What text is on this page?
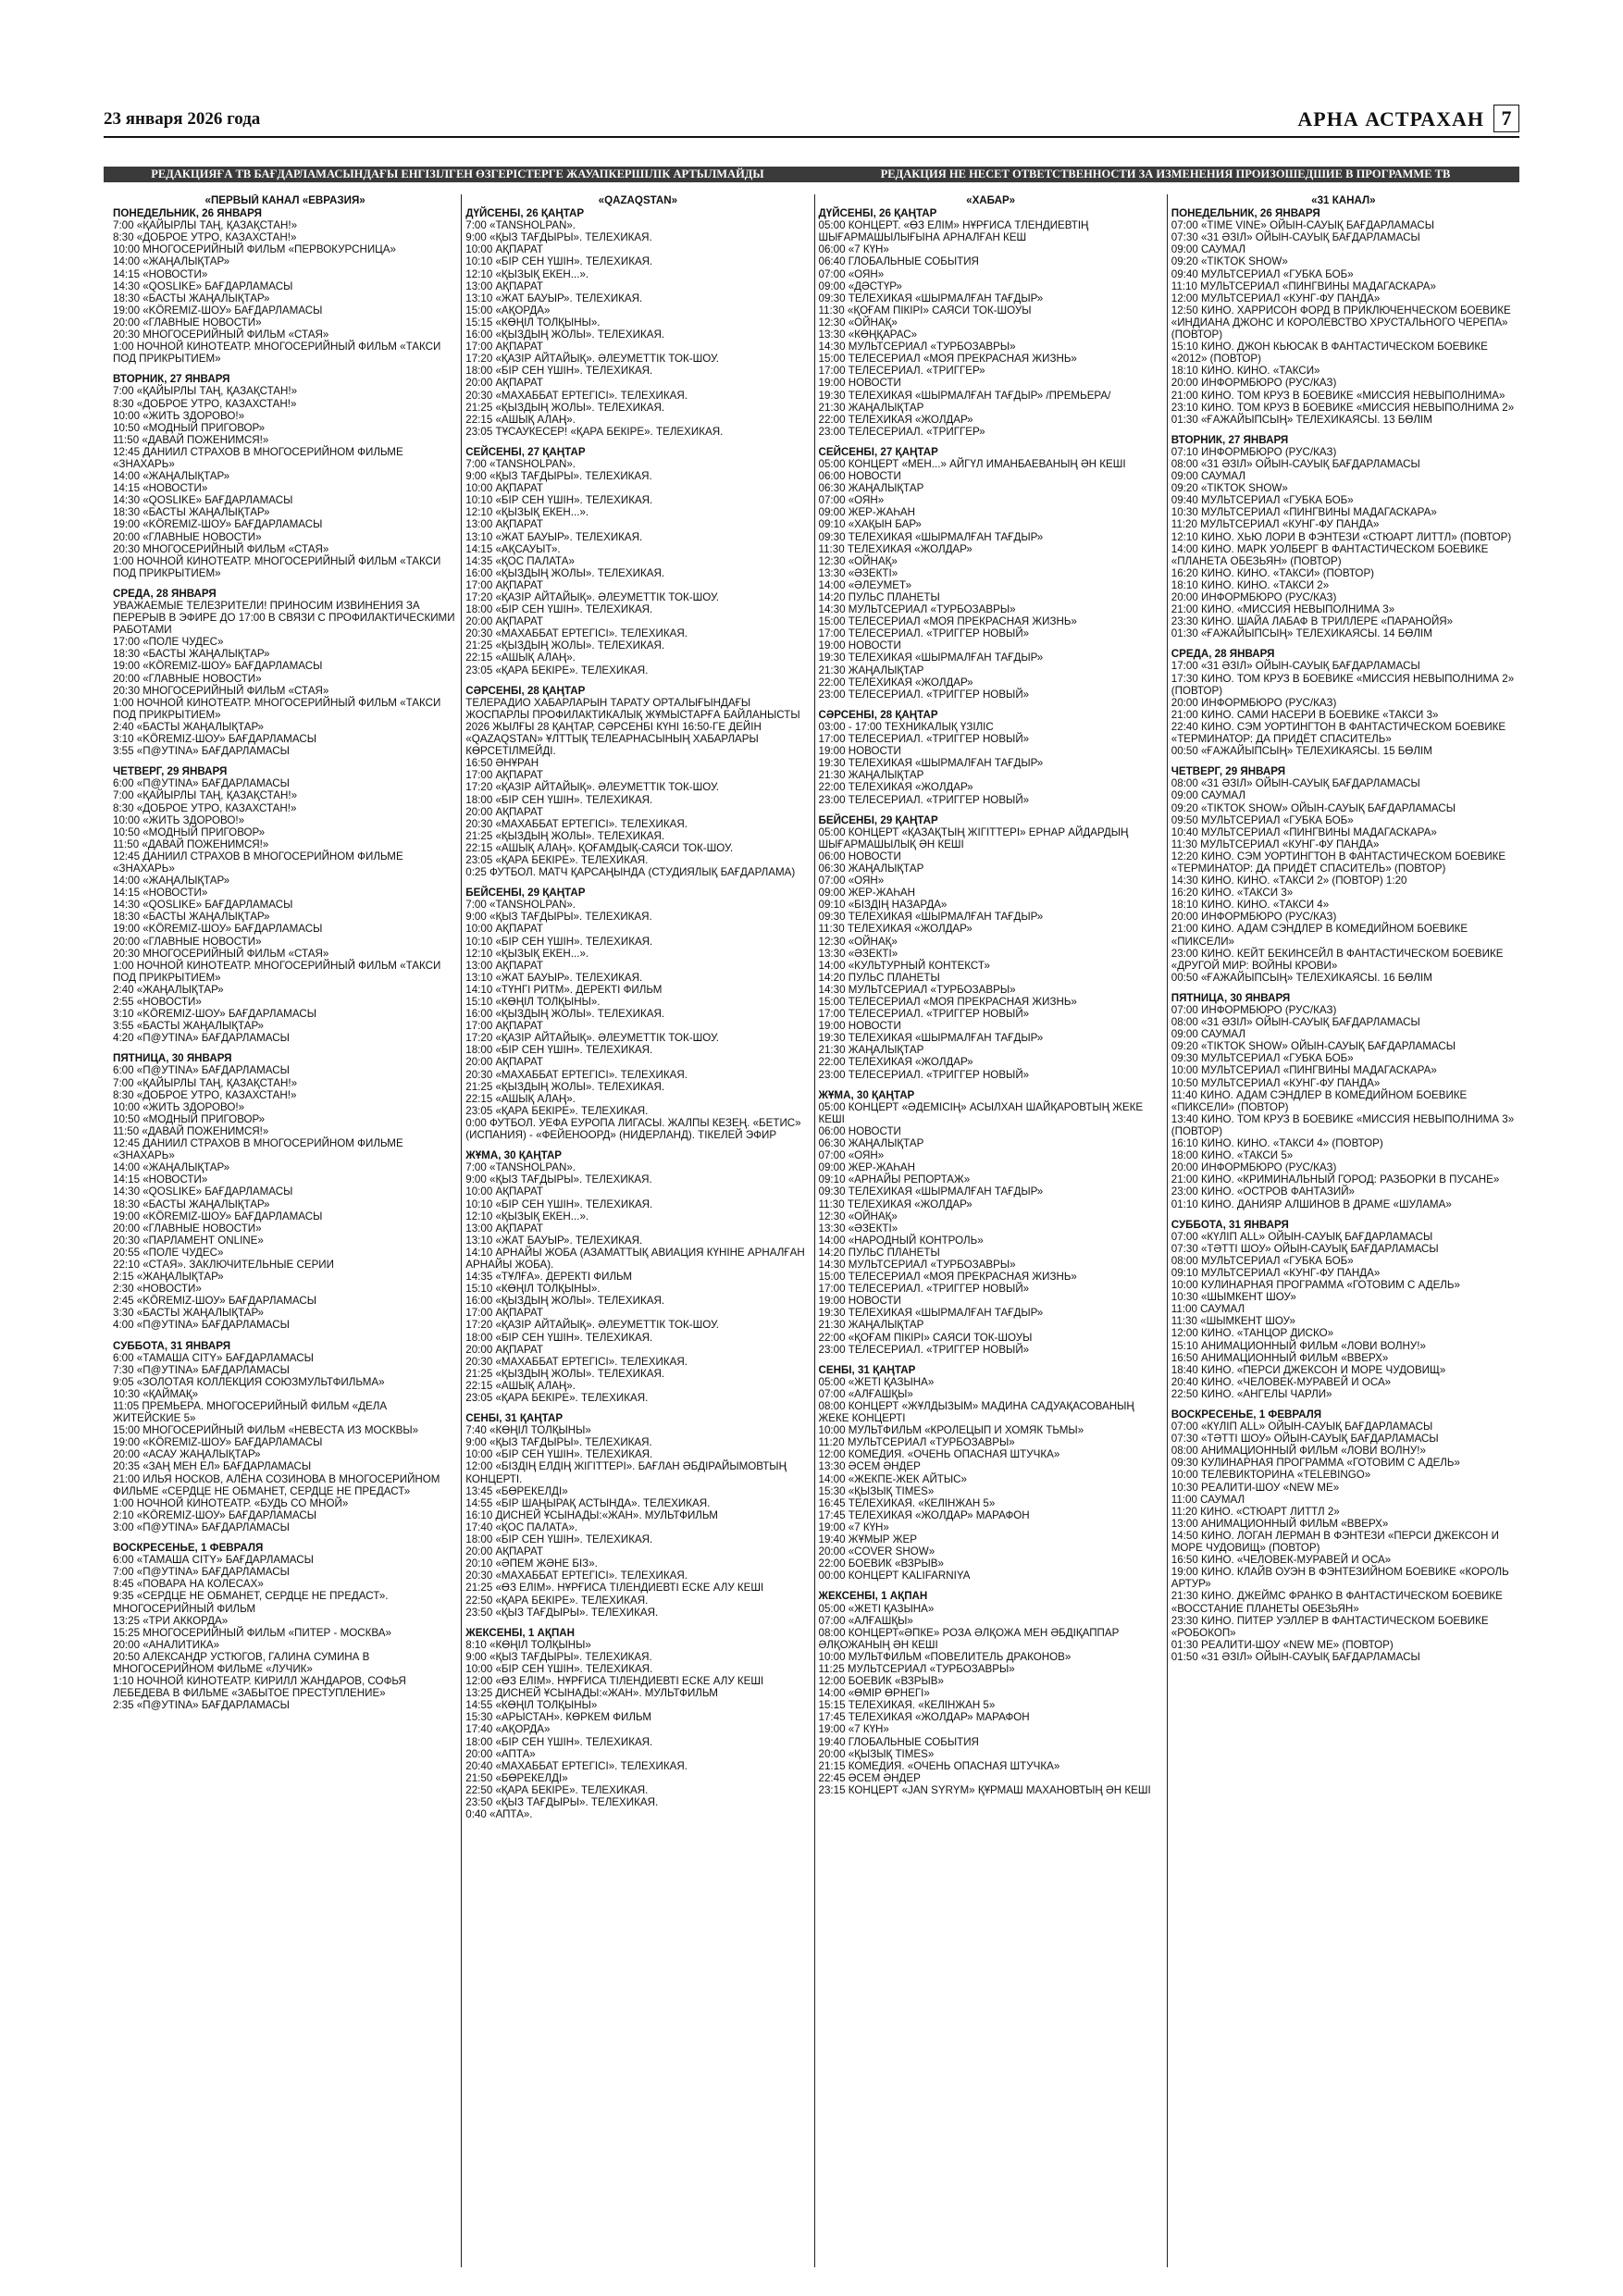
23 января 2026 года	АРНА АСТРАХАН 7
РЕДАКЦИЯҒА ТВ БАҒДАРЛАМАСЫНДАҒЫ ЕНГІЗІЛГЕН ӨЗГЕРІСТЕРГЕ ЖАУАПКЕРШІЛІК АРТЫЛМАЙДЫ	РЕДАКЦИЯ НЕ НЕСЕТ ОТВЕТСТВЕННОСТИ ЗА ИЗМЕНЕНИЯ ПРОИЗОШЕДШИЕ В ПРОГРАММЕ ТВ
«ПЕРВЫЙ КАНАЛ «ЕВРАЗИЯ»
ПОНЕДЕЛЬНИК, 26 ЯНВАРЯ
7:00 «ҚАЙЫРЛЫ ТАҢ, ҚАЗАҚСТАН!»
8:30 «ДОБРОЕ УТРО, КАЗАХСТАН!»
10:00 МНОГОСЕРИЙНЫЙ ФИЛЬМ «ПЕРВОКУРСНИЦА»
14:00 «ЖАҢАЛЫҚТАР»
14:15 «НОВОСТИ»
14:30 «QOSLIKE» БАҒДАРЛАМАСЫ
18:30 «БАСТЫ ЖАҢАЛЫҚТАР»
19:00 «KÖREMIZ-ШОУ» БАҒДАРЛАМАСЫ
20:00 «ГЛАВНЫЕ НОВОСТИ»
20:30 МНОГОСЕРИЙНЫЙ ФИЛЬМ «СТАЯ»
1:00 НОЧНОЙ КИНОТЕАТР. МНОГОСЕРИЙНЫЙ ФИЛЬМ «ТАКСИ ПОД ПРИКРЫТИЕМ»
ВТОРНИК, 27 ЯНВАРЯ
7:00 «ҚАЙЫРЛЫ ТАҢ, ҚАЗАҚСТАН!»
8:30 «ДОБРОЕ УТРО, КАЗАХСТАН!»
10:00 «ЖИТЬ ЗДОРОВО!»
10:50 «МОДНЫЙ ПРИГОВОР»
11:50 «ДАВАЙ ПОЖЕНИМСЯ!»
12:45 ДАНИИЛ СТРАХОВ В МНОГОСЕРИЙНОМ ФИЛЬМЕ «ЗНАХАРЬ»
14:00 «ЖАҢАЛЫҚТАР»
14:15 «НОВОСТИ»
14:30 «QOSLIKE» БАҒДАРЛАМАСЫ
18:30 «БАСТЫ ЖАҢАЛЫҚТАР»
19:00 «KÖREMIZ-ШОУ» БАҒДАРЛАМАСЫ
20:00 «ГЛАВНЫЕ НОВОСТИ»
20:30 МНОГОСЕРИЙНЫЙ ФИЛЬМ «СТАЯ»
1:00 НОЧНОЙ КИНОТЕАТР. МНОГОСЕРИЙНЫЙ ФИЛЬМ «ТАКСИ ПОД ПРИКРЫТИЕМ»
СРЕДА, 28 ЯНВАРЯ
УВАЖАЕМЫЕ ТЕЛЕЗРИТЕЛИ! ПРИНОСИМ ИЗВИНЕНИЯ ЗА ПЕРЕРЫВ В ЭФИРЕ ДО 17:00 В СВЯЗИ С ПРОФИЛАКТИЧЕСКИМИ РАБОТАМИ
17:00 «ПОЛЕ ЧУДЕС»
18:30 «БАСТЫ ЖАҢАЛЫҚТАР»
19:00 «KÖREMIZ-ШОУ» БАҒДАРЛАМАСЫ
20:00 «ГЛАВНЫЕ НОВОСТИ»
20:30 МНОГОСЕРИЙНЫЙ ФИЛЬМ «СТАЯ»
1:00 НОЧНОЙ КИНОТЕАТР. МНОГОСЕРИЙНЫЙ ФИЛЬМ «ТАКСИ ПОД ПРИКРЫТИЕМ»
2:40 «БАСТЫ ЖАҢАЛЫҚТАР»
3:10 «KÖREMIZ-ШОУ» БАҒДАРЛАМАСЫ
3:55 «П@УТINA» БАҒДАРЛАМАСЫ
ЧЕТВЕРГ, 29 ЯНВАРЯ
6:00 «П@УТINA» БАҒДАРЛАМАСЫ
7:00 «ҚАЙЫРЛЫ ТАҢ, ҚАЗАҚСТАН!»
8:30 «ДОБРОЕ УТРО, КАЗАХСТАН!»
10:00 «ЖИТЬ ЗДОРОВО!»
10:50 «МОДНЫЙ ПРИГОВОР»
11:50 «ДАВАЙ ПОЖЕНИМСЯ!»
12:45 ДАНИИЛ СТРАХОВ В МНОГОСЕРИЙНОМ ФИЛЬМЕ «ЗНАХАРЬ»
14:00 «ЖАҢАЛЫҚТАР»
14:15 «НОВОСТИ»
14:30 «QOSLIKE» БАҒДАРЛАМАСЫ
18:30 «БАСТЫ ЖАҢАЛЫҚТАР»
19:00 «KÖREMIZ-ШОУ» БАҒДАРЛАМАСЫ
20:00 «ГЛАВНЫЕ НОВОСТИ»
20:30 МНОГОСЕРИЙНЫЙ ФИЛЬМ «СТАЯ»
1:00 НОЧНОЙ КИНОТЕАТР. МНОГОСЕРИЙНЫЙ ФИЛЬМ «ТАКСИ ПОД ПРИКРЫТИЕМ»
2:40 «ЖАҢАЛЫҚТАР»
2:55 «НОВОСТИ»
3:10 «KÖREMIZ-ШОУ» БАҒДАРЛАМАСЫ
3:55 «БАСТЫ ЖАҢАЛЫҚТАР»
4:20 «П@УТINA» БАҒДАРЛАМАСЫ
ПЯТНИЦА, 30 ЯНВАРЯ
6:00 «П@УТINA» БАҒДАРЛАМАСЫ
7:00 «ҚАЙЫРЛЫ ТАҢ, ҚАЗАҚСТАН!»
8:30 «ДОБРОЕ УТРО, КАЗАХСТАН!»
10:00 «ЖИТЬ ЗДОРОВО!»
10:50 «МОДНЫЙ ПРИГОВОР»
11:50 «ДАВАЙ ПОЖЕНИМСЯ!»
12:45 ДАНИИЛ СТРАХОВ В МНОГОСЕРИЙНОМ ФИЛЬМЕ «ЗНАХАРЬ»
14:00 «ЖАҢАЛЫҚТАР»
14:15 «НОВОСТИ»
14:30 «QOSLIKE» БАҒДАРЛАМАСЫ
18:30 «БАСТЫ ЖАҢАЛЫҚТАР»
19:00 «KÖREMIZ-ШОУ» БАҒДАРЛАМАСЫ
20:00 «ГЛАВНЫЕ НОВОСТИ»
20:30 «ПАРЛАМЕНТ ONLINE»
20:55 «ПОЛЕ ЧУДЕС»
22:10 «СТАЯ». ЗАКЛЮЧИТЕЛЬНЫЕ СЕРИИ
2:15 «ЖАҢАЛЫҚТАР»
2:30 «НОВОСТИ»
2:45 «KÖREMIZ-ШОУ» БАҒДАРЛАМАСЫ
3:30 «БАСТЫ ЖАҢАЛЫҚТАР»
4:00 «П@УТINA» БАҒДАРЛАМАСЫ
СУББОТА, 31 ЯНВАРЯ
6:00 «ТАМАША CITY» БАҒДАРЛАМАСЫ
7:30 «П@УТINA» БАҒДАРЛАМАСЫ
9:05 «ЗОЛОТАЯ КОЛЛЕКЦИЯ СОЮЗМУЛЬТФИЛЬМА»
10:30 «ҚАЙМАҚ»
11:05 ПРЕМЬЕРА. МНОГОСЕРИЙНЫЙ ФИЛЬМ «ДЕЛА ЖИТЕЙСКИЕ 5»
15:00 МНОГОСЕРИЙНЫЙ ФИЛЬМ «НЕВЕСТА ИЗ МОСКВЫ»
19:00 «KÖREMIZ-ШОУ» БАҒДАРЛАМАСЫ
20:00 «АСАУ ЖАҢАЛЫҚТАР»
20:35 «ЗАҢ МЕН ЕЛ» БАҒДАРЛАМАСЫ
21:00 ИЛЬЯ НОСКОВ, АЛЁНА СОЗИНОВА В МНОГОСЕРИЙНОМ ФИЛЬМЕ «СЕРДЦЕ НЕ ОБМАНЕТ, СЕРДЦЕ НЕ ПРЕДАСТ»
1:00 НОЧНОЙ КИНОТЕАТР. «БУДЬ СО МНОЙ»
2:10 «KÖREMIZ-ШОУ» БАҒДАРЛАМАСЫ
3:00 «П@УТINA» БАҒДАРЛАМАСЫ
ВОСКРЕСЕНЬЕ, 1 ФЕВРАЛЯ
6:00 «ТАМАША CITY» БАҒДАРЛАМАСЫ
7:00 «П@УТINA» БАҒДАРЛАМАСЫ
8:45 «ПОВАРА НА КОЛЕСАХ»
9:35 «СЕРДЦЕ НЕ ОБМАНЕТ, СЕРДЦЕ НЕ ПРЕДАСТ». МНОГОСЕРИЙНЫЙ ФИЛЬМ
13:25 «ТРИ АККОРДА»
15:25 МНОГОСЕРИЙНЫЙ ФИЛЬМ «ПИТЕР - МОСКВА»
20:00 «АНАЛИТИКА»
20:50 АЛЕКСАНДР УСТЮГОВ, ГАЛИНА СУМИНА В МНОГОСЕРИЙНОМ ФИЛЬМЕ «ЛУЧИК»
1:10 НОЧНОЙ КИНОТЕАТР. КИРИЛЛ ЖАНДАРОВ, СОФЬЯ ЛЕБЕДЕВА В ФИЛЬМЕ «ЗАБЫТОЕ ПРЕСТУПЛЕНИЕ»
2:35 «П@УТINA» БАҒДАРЛАМАСЫ
«QAZAQSTAN»
ДҮЙСЕНБІ, 26 ҚАҢТАР
7:00 «TANSHOLPAN».
9:00 «ҚЫЗ ТАҒДЫРЫ». ТЕЛЕХИКАЯ.
10:00 АҚПАРАТ
10:10 «БІР СЕН ҮШІН». ТЕЛЕХИКАЯ.
12:10 «ҚЫЗЫҚ ЕКЕН...».
13:00 АҚПАРАТ
13:10 «ЖАТ БАУЫР». ТЕЛЕХИКАЯ.
15:00 «АҚОРДА»
15:15 «КӨҢІЛ ТОЛҚЫНЫ».
16:00 «ҚЫЗДЫҢ ЖОЛЫ». ТЕЛЕХИКАЯ.
17:00 АҚПАРАТ
17:20 «ҚАЗІР АЙТАЙЫҚ». ӘЛЕУМЕТТІК ТОК-ШОУ.
18:00 «БІР СЕН ҮШІН». ТЕЛЕХИКАЯ.
20:00 АҚПАРАТ
20:30 «МАХАББАТ ЕРТЕГІСІ». ТЕЛЕХИКАЯ.
21:25 «ҚЫЗДЫҢ ЖОЛЫ». ТЕЛЕХИКАЯ.
22:15 «АШЫҚ АЛАҢ».
23:05 ТҰСАУКЕСЕР! «ҚАРА БЕКІРЕ». ТЕЛЕХИКАЯ.
СЕЙСЕНБІ, 27 ҚАҢТАР
7:00 «TANSHOLPAN».
9:00 «ҚЫЗ ТАҒДЫРЫ». ТЕЛЕХИКАЯ.
10:00 АҚПАРАТ
10:10 «БІР СЕН ҮШІН». ТЕЛЕХИКАЯ.
12:10 «ҚЫЗЫҚ ЕКЕН...».
13:00 АҚПАРАТ
13:10 «ЖАТ БАУЫР». ТЕЛЕХИКАЯ.
14:15 «АҚСАУЫТ».
14:35 «ҚОС ПАЛАТА»
16:00 «ҚЫЗДЫҢ ЖОЛЫ». ТЕЛЕХИКАЯ.
17:00 АҚПАРАТ
17:20 «ҚАЗІР АЙТАЙЫҚ». ӘЛЕУМЕТТІК ТОК-ШОУ.
18:00 «БІР СЕН ҮШІН». ТЕЛЕХИКАЯ.
20:00 АҚПАРАТ
20:30 «МАХАББАТ ЕРТЕГІСІ». ТЕЛЕХИКАЯ.
21:25 «ҚЫЗДЫҢ ЖОЛЫ». ТЕЛЕХИКАЯ.
22:15 «АШЫҚ АЛАҢ».
23:05 «ҚАРА БЕКІРЕ». ТЕЛЕХИКАЯ.
СӘРСЕНБІ, 28 ҚАҢТАР
ТЕЛЕРАДИО ХАБАРЛАРЫН ТАРАТУ ОРТАЛЫҒЫНДАҒЫ ЖОСПАРЛЫ ПРОФИЛАКТИКАЛЫҚ ЖҰМЫСТАРҒА БАЙЛАНЫСТЫ 2026 ЖЫЛҒЫ 28 ҚАҢТАР, СӘРСЕНБІ КҮНІ 16:50-ГЕ ДЕЙІН «QAZAQSTAN» ҰЛТТЫҚ ТЕЛЕАРНАСЫНЫҢ ХАБАРЛАРЫ КӨРСЕТІЛМЕЙДІ.
16:50 ӘНҰРАН
17:00 АҚПАРАТ
17:20 «ҚАЗІР АЙТАЙЫҚ». ӘЛЕУМЕТТІК ТОК-ШОУ.
18:00 «БІР СЕН ҮШІН». ТЕЛЕХИКАЯ.
20:00 АҚПАРАТ
20:30 «МАХАББАТ ЕРТЕГІСІ». ТЕЛЕХИКАЯ.
21:25 «ҚЫЗДЫҢ ЖОЛЫ». ТЕЛЕХИКАЯ.
22:15 «АШЫҚ АЛАҢ». ҚОҒАМДЫҚ-САЯСИ ТОК-ШОУ.
23:05 «ҚАРА БЕКІРЕ». ТЕЛЕХИКАЯ.
0:25 ФУТБОЛ. МАТЧ ҚАРСАҢЫНДА (СТУДИЯЛЫҚ БАҒДАРЛАМА)
БЕЙСЕНБІ, 29 ҚАҢТАР
7:00 «TANSHOLPAN».
9:00 «ҚЫЗ ТАҒДЫРЫ». ТЕЛЕХИКАЯ.
10:00 АҚПАРАТ
10:10 «БІР СЕН ҮШІН». ТЕЛЕХИКАЯ.
12:10 «ҚЫЗЫҚ ЕКЕН...».
13:00 АҚПАРАТ
13:10 «ЖАТ БАУЫР». ТЕЛЕХИКАЯ.
14:10 «ТҮНГІ РИТМ». ДЕРЕКТІ ФИЛЬМ
15:10 «КӨҢІЛ ТОЛҚЫНЫ».
16:00 «ҚЫЗДЫҢ ЖОЛЫ». ТЕЛЕХИКАЯ.
17:00 АҚПАРАТ
17:20 «ҚАЗІР АЙТАЙЫҚ». ӘЛЕУМЕТТІК ТОК-ШОУ.
18:00 «БІР СЕН ҮШІН». ТЕЛЕХИКАЯ.
20:00 АҚПАРАТ
20:30 «МАХАББАТ ЕРТЕГІСІ». ТЕЛЕХИКАЯ.
21:25 «ҚЫЗДЫҢ ЖОЛЫ». ТЕЛЕХИКАЯ.
22:15 «АШЫҚ АЛАҢ».
23:05 «ҚАРА БЕКІРЕ». ТЕЛЕХИКАЯ.
0:00 ФУТБОЛ. УЕФА ЕУРОПА ЛИГАСЫ. ЖАЛПЫ КЕЗЕҢ. «БЕТИС» (ИСПАНИЯ) - «ФЕЙЕНООРД» (НИДЕРЛАНД). ТІКЕЛЕЙ ЭФИР
ЖҰМА, 30 ҚАҢТАР
7:00 «TANSHOLPAN».
9:00 «ҚЫЗ ТАҒДЫРЫ». ТЕЛЕХИКАЯ.
10:00 АҚПАРАТ
10:10 «БІР СЕН ҮШІН». ТЕЛЕХИКАЯ.
12:10 «ҚЫЗЫҚ ЕКЕН...».
13:00 АҚПАРАТ
13:10 «ЖАТ БАУЫР». ТЕЛЕХИКАЯ.
14:10 АРНАЙЫ ЖОБА (АЗАМАТТЫҚ АВИАЦИЯ КҮНІНЕ АРНАЛҒАН АРНАЙЫ ЖОБА).
14:35 «ТҰЛҒА». ДЕРЕКТІ ФИЛЬМ
15:10 «КӨҢІЛ ТОЛҚЫНЫ».
16:00 «ҚЫЗДЫҢ ЖОЛЫ». ТЕЛЕХИКАЯ.
17:00 АҚПАРАТ
17:20 «ҚАЗІР АЙТАЙЫҚ». ӘЛЕУМЕТТІК ТОК-ШОУ.
18:00 «БІР СЕН ҮШІН». ТЕЛЕХИКАЯ.
20:00 АҚПАРАТ
20:30 «МАХАББАТ ЕРТЕГІСІ». ТЕЛЕХИКАЯ.
21:25 «ҚЫЗДЫҢ ЖОЛЫ». ТЕЛЕХИКАЯ.
22:15 «АШЫҚ АЛАҢ».
23:05 «ҚАРА БЕКІРЕ». ТЕЛЕХИКАЯ.
СЕНБІ, 31 ҚАҢТАР
7:40 «КӨҢІЛ ТОЛҚЫНЫ»
9:00 «ҚЫЗ ТАҒДЫРЫ». ТЕЛЕХИКАЯ.
10:00 «БІР СЕН ҮШІН». ТЕЛЕХИКАЯ.
12:00 «БІЗДІҢ ЕЛДІҢ ЖІГІТТЕРІ». БАҒЛАН ӘБДІРАЙЫМОВТЫҢ КОНЦЕРТІ.
13:45 «БӨРЕКЕЛДІ»
14:55 «БІР ШАҢЫРАҚ АСТЫНДА». ТЕЛЕХИКАЯ.
16:10 ДИСНЕЙ ҰСЫНАДЫ:«ЖАН». МУЛЬТФИЛЬМ
17:40 «ҚОС ПАЛАТА».
18:00 «БІР СЕН ҮШІН». ТЕЛЕХИКАЯ.
20:00 АҚПАРАТ
20:10 «ӘПЕМ ЖӘНЕ БІЗ».
20:30 «МАХАББАТ ЕРТЕГІСІ». ТЕЛЕХИКАЯ.
21:25 «ӨЗ ЕЛІМ». НҰРҒИСА ТІЛЕНДИЕВТІ ЕСКЕ АЛУ КЕШІ
22:50 «ҚАРА БЕКІРЕ». ТЕЛЕХИКАЯ.
23:50 «ҚЫЗ ТАҒДЫРЫ». ТЕЛЕХИКАЯ.
ЖЕКСЕНБІ, 1 АҚПАН
8:10 «КӨҢІЛ ТОЛҚЫНЫ»
9:00 «ҚЫЗ ТАҒДЫРЫ». ТЕЛЕХИКАЯ.
10:00 «БІР СЕН ҮШІН». ТЕЛЕХИКАЯ.
12:00 «ӨЗ ЕЛІМ». НҰРҒИСА ТІЛЕНДИЕВТІ ЕСКЕ АЛУ КЕШІ
13:25 ДИСНЕЙ ҰСЫНАДЫ:«ЖАН». МУЛЬТФИЛЬМ
14:55 «КӨҢІЛ ТОЛҚЫНЫ»
15:30 «АРЫСТАН». КӨРКЕМ ФИЛЬМ
17:40 «АҚОРДА»
18:00 «БІР СЕН ҮШІН». ТЕЛЕХИКАЯ.
20:00 «АПТА»
20:40 «МАХАББАТ ЕРТЕГІСІ». ТЕЛЕХИКАЯ.
21:50 «БӨРЕКЕЛДІ»
22:50 «ҚАРА БЕКІРЕ». ТЕЛЕХИКАЯ.
23:50 «ҚЫЗ ТАҒДЫРЫ». ТЕЛЕХИКАЯ.
0:40 «АПТА».
«ХАБАР»
ДҮЙСЕНБІ, 26 ҚАҢТАР
05:00 КОНЦЕРТ. «ӨЗ ЕЛІМ» НҰРҒИСА ТЛЕНДИЕВТІҢ ШЫҒАРМАШЫЛЫҒЫНА АРНАЛҒАН КЕШ
06:00 «7 КҮН»
06:40 ГЛОБАЛЬНЫЕ СОБЫТИЯ
07:00 «ОЯН»
09:00 «ДӘСТҮР»
09:30 ТЕЛЕХИКАЯ «ШЫРМАЛҒАН ТАҒДЫР»
11:30 «ҚОҒАМ ПІКІРІ» САЯСИ ТОК-ШОУЫ
12:30 «ОЙНАҚ»
13:30 «КӨҢҚАРАС»
14:30 МУЛЬТСЕРИАЛ «ТУРБОЗАВРЫ»
15:00 ТЕЛЕСЕРИАЛ «МОЯ ПРЕКРАСНАЯ ЖИЗНЬ»
17:00 ТЕЛЕСЕРИАЛ. «ТРИГГЕР»
19:00 НОВОСТИ
19:30 ТЕЛЕХИКАЯ «ШЫРМАЛҒАН ТАҒДЫР» /ПРЕМЬЕРА/
21:30 ЖАҢАЛЫҚТАР
22:00 ТЕЛЕХИКАЯ «ЖОЛДАР»
23:00 ТЕЛЕСЕРИАЛ. «ТРИГГЕР»
СЕЙСЕНБІ, 27 ҚАҢТАР
05:00 КОНЦЕРТ «МЕН...» АЙГҮЛ ИМАНБАЕВАНЫҢ ӘН КЕШІ
06:00 НОВОСТИ
06:30 ЖАҢАЛЫҚТАР
07:00 «ОЯН»
09:00 ЖЕР-ЖАҺАН
09:10 «ХАҚЫН БАР»
09:30 ТЕЛЕХИКАЯ «ШЫРМАЛҒАН ТАҒДЫР»
11:30 ТЕЛЕХИКАЯ «ЖОЛДАР»
12:30 «ОЙНАҚ»
13:30 «ӘЗЕКТІ»
14:00 «ӘЛЕУМЕТ»
14:20 ПУЛЬС ПЛАНЕТЫ
14:30 МУЛЬТСЕРИАЛ «ТУРБОЗАВРЫ»
15:00 ТЕЛЕСЕРИАЛ «МОЯ ПРЕКРАСНАЯ ЖИЗНЬ»
17:00 ТЕЛЕСЕРИАЛ. «ТРИГГЕР НОВЫЙ»
19:00 НОВОСТИ
19:30 ТЕЛЕХИКАЯ «ШЫРМАЛҒАН ТАҒДЫР»
21:30 ЖАҢАЛЫҚТАР
22:00 ТЕЛЕХИКАЯ «ЖОЛДАР»
23:00 ТЕЛЕСЕРИАЛ. «ТРИГГЕР НОВЫЙ»
СӘРСЕНБІ, 28 ҚАҢТАР
03:00 - 17:00 ТЕХНИКАЛЫҚ ҮЗІЛІС
17:00 ТЕЛЕСЕРИАЛ. «ТРИГГЕР НОВЫЙ»
19:00 НОВОСТИ
19:30 ТЕЛЕХИКАЯ «ШЫРМАЛҒАН ТАҒДЫР»
21:30 ЖАҢАЛЫҚТАР
22:00 ТЕЛЕХИКАЯ «ЖОЛДАР»
23:00 ТЕЛЕСЕРИАЛ. «ТРИГГЕР НОВЫЙ»
БЕЙСЕНБІ, 29 ҚАҢТАР
05:00 КОНЦЕРТ «ҚАЗАҚТЫҢ ЖІГІТТЕРІ» ЕРНАР АЙДАРДЫҢ ШЫҒАРМАШЫЛЫҚ ӘН КЕШІ
06:00 НОВОСТИ
06:30 ЖАҢАЛЫҚТАР
07:00 «ОЯН»
09:00 ЖЕР-ЖАҺАН
09:10 «БІЗДІҢ НАЗАРДА»
09:30 ТЕЛЕХИКАЯ «ШЫРМАЛҒАН ТАҒДЫР»
11:30 ТЕЛЕХИКАЯ «ЖОЛДАР»
12:30 «ОЙНАҚ»
13:30 «ӘЗЕКТІ»
14:00 «КУЛЬТУРНЫЙ КОНТЕКСТ»
14:20 ПУЛЬС ПЛАНЕТЫ
14:30 МУЛЬТСЕРИАЛ «ТУРБОЗАВРЫ»
15:00 ТЕЛЕСЕРИАЛ «МОЯ ПРЕКРАСНАЯ ЖИЗНЬ»
17:00 ТЕЛЕСЕРИАЛ. «ТРИГГЕР НОВЫЙ»
19:00 НОВОСТИ
19:30 ТЕЛЕХИКАЯ «ШЫРМАЛҒАН ТАҒДЫР»
21:30 ЖАҢАЛЫҚТАР
22:00 ТЕЛЕХИКАЯ «ЖОЛДАР»
23:00 ТЕЛЕСЕРИАЛ. «ТРИГГЕР НОВЫЙ»
ЖҰМА, 30 ҚАҢТАР
05:00 КОНЦЕРТ «ӘДЕМІСІҢ» АСЫЛХАН ШАЙҚАРОВТЫҢ ЖЕКЕ КЕШІ
06:00 НОВОСТИ
06:30 ЖАҢАЛЫҚТАР
07:00 «ОЯН»
09:00 ЖЕР-ЖАҺАН
09:10 «АРНАЙЫ РЕПОРТАЖ»
09:30 ТЕЛЕХИКАЯ «ШЫРМАЛҒАН ТАҒДЫР»
11:30 ТЕЛЕХИКАЯ «ЖОЛДАР»
12:30 «ОЙНАҚ»
13:30 «ӘЗЕКТІ»
14:00 «НАРОДНЫЙ КОНТРОЛЬ»
14:20 ПУЛЬС ПЛАНЕТЫ
14:30 МУЛЬТСЕРИАЛ «ТУРБОЗАВРЫ»
15:00 ТЕЛЕСЕРИАЛ «МОЯ ПРЕКРАСНАЯ ЖИЗНЬ»
17:00 ТЕЛЕСЕРИАЛ. «ТРИГГЕР НОВЫЙ»
19:00 НОВОСТИ
19:30 ТЕЛЕХИКАЯ «ШЫРМАЛҒАН ТАҒДЫР»
21:30 ЖАҢАЛЫҚТАР
22:00 «ҚОҒАМ ПІКІРІ» САЯСИ ТОК-ШОУЫ
23:00 ТЕЛЕСЕРИАЛ. «ТРИГГЕР НОВЫЙ»
СЕНБІ, 31 ҚАҢТАР
05:00 «ЖЕТІ ҚАЗЫНА»
07:00 «АЛҒАШҚЫ»
08:00 КОНЦЕРТ «ЖҰЛДЫЗЫМ» МАДИНА САДУАҚАСОВАНЫҢ ЖЕКЕ КОНЦЕРТІ
10:00 МУЛЬТФИЛЬМ «КРОЛЕЦЫП И ХОМЯК ТЬМЫ»
11:20 МУЛЬТСЕРИАЛ «ТУРБОЗАВРЫ»
12:00 КОМЕДИЯ. «ОЧЕНЬ ОПАСНАЯ ШТУЧКА»
13:30 ӘСЕМ ӘНДЕР
14:00 «ЖЕКПЕ-ЖЕК АЙТЫС»
15:30 «ҚЫЗЫҚ TIMES»
16:45 ТЕЛЕХИКАЯ. «КЕЛІНЖАН 5»
17:45 ТЕЛЕХИКАЯ «ЖОЛДАР» МАРАФОН
19:00 «7 КҮН»
19:40 ЖҰМЫР ЖЕР
20:00 «COVER SHOW»
22:00 БОЕВИК «ВЗРЫВ»
00:00 КОНЦЕРТ KALIFARNIYA
ЖЕКСЕНБІ, 1 АҚПАН
05:00 «ЖЕТІ ҚАЗЫНА»
07:00 «АЛҒАШҚЫ»
08:00 КОНЦЕРТ«ӘПКЕ» РОЗА ӘЛҚОЖА МЕН ӘБДІҚАППАР ӘЛҚОЖАНЫҢ ӘН КЕШІ
10:00 МУЛЬТФИЛЬМ «ПОВЕЛИТЕЛЬ ДРАКОНОВ»
11:25 МУЛЬТСЕРИАЛ «ТУРБОЗАВРЫ»
12:00 БОЕВИК «ВЗРЫВ»
14:00 «ӨМІР ӨРНЕГІ»
15:15 ТЕЛЕХИКАЯ. «КЕЛІНЖАН 5»
17:45 ТЕЛЕХИКАЯ «ЖОЛДАР» МАРАФОН
19:00 «7 КҮН»
19:40 ГЛОБАЛЬНЫЕ СОБЫТИЯ
20:00 «ҚЫЗЫҚ TIMES»
21:15 КОМЕДИЯ. «ОЧЕНЬ ОПАСНАЯ ШТУЧКА»
22:45 ӘСЕМ ӘНДЕР
23:15 КОНЦЕРТ «JAN SYRYM» ҚҰРМАШ МАХАНОВТЫҢ ӘН КЕШІ
«31 КАНАЛ»
ПОНЕДЕЛЬНИК, 26 ЯНВАРЯ
07:00 «TIME VINE» ОЙЫН-САУЫҚ БАҒДАРЛАМАСЫ
07:30 «31 ӘЗІЛ» ОЙЫН-САУЫҚ БАҒДАРЛАМАСЫ
09:00 САУМАЛ
09:20 «TIKTOK SHOW»
09:40 МУЛЬТСЕРИАЛ «ГУБКА БОБ»
11:10 МУЛЬТСЕРИАЛ «ПИНГВИНЫ МАДАГАСКАРА»
12:00 МУЛЬТСЕРИАЛ «КУНГ-ФУ ПАНДА»
12:50 КИНО. ХАРРИСОН ФОРД В ПРИКЛЮЧЕНЧЕСКОМ БОЕВИКЕ «ИНДИАНА ДЖОНС И КОРОЛЕВСТВО ХРУСТАЛЬНОГО ЧЕРЕПА» (ПОВТОР)
15:10 КИНО. ДЖОН КЬЮСАК В ФАНТАСТИЧЕСКОМ БОЕВИКЕ «2012» (ПОВТОР)
18:10 КИНО. КИНО. «ТАКСИ»
20:00 ИНФОРМБЮРО (РУС/КАЗ)
21:00 КИНО. ТОМ КРУЗ В БОЕВИКЕ «МИССИЯ НЕВЫПОЛНИМА»
23:10 КИНО. ТОМ КРУЗ В БОЕВИКЕ «МИССИЯ НЕВЫПОЛНИМА 2»
01:30 «ҒАЖАЙЫПСЫҢ» ТЕЛЕХИКАЯСЫ. 13 БӨЛІМ
ВТОРНИК, 27 ЯНВАРЯ
07:10 ИНФОРМБЮРО (РУС/КАЗ)
08:00 «31 ӘЗІЛ» ОЙЫН-САУЫҚ БАҒДАРЛАМАСЫ
09:00 САУМАЛ
09:20 «TIKTOK SHOW»
09:40 МУЛЬТСЕРИАЛ «ГУБКА БОБ»
10:30 МУЛЬТСЕРИАЛ «ПИНГВИНЫ МАДАГАСКАРА»
11:20 МУЛЬТСЕРИАЛ «КУНГ-ФУ ПАНДА»
12:10 КИНО. ХЬЮ ЛОРИ В ФЭНТЕЗИ «СТЮАРТ ЛИТТЛ» (ПОВТОР)
14:00 КИНО. МАРК УОЛБЕРГ В ФАНТАСТИЧЕСКОМ БОЕВИКЕ «ПЛАНЕТА ОБЕЗЬЯН» (ПОВТОР)
16:20 КИНО. КИНО. «ТАКСИ» (ПОВТОР)
18:10 КИНО. КИНО. «ТАКСИ 2»
20:00 ИНФОРМБЮРО (РУС/КАЗ)
21:00 КИНО. «МИССИЯ НЕВЫПОЛНИМА 3»
23:30 КИНО. ШАЙА ЛАБАФ В ТРИЛЛЕРЕ «ПАРАНОЙЯ»
01:30 «ҒАЖАЙЫПСЫҢ» ТЕЛЕХИКАЯСЫ. 14 БӨЛІМ
СРЕДА, 28 ЯНВАРЯ
17:00 «31 ӘЗІЛ» ОЙЫН-САУЫҚ БАҒДАРЛАМАСЫ
17:30 КИНО. ТОМ КРУЗ В БОЕВИКЕ «МИССИЯ НЕВЫПОЛНИМА 2» (ПОВТОР)
20:00 ИНФОРМБЮРО (РУС/КАЗ)
21:00 КИНО. САМИ НАСЕРИ В БОЕВИКЕ «ТАКСИ 3»
22:40 КИНО. СЭМ УОРТИНГТОН В ФАНТАСТИЧЕСКОМ БОЕВИКЕ «ТЕРМИНАТОР: ДА ПРИДЁТ СПАСИТЕЛЬ»
00:50 «ҒАЖАЙЫПСЫҢ» ТЕЛЕХИКАЯСЫ. 15 БӨЛІМ
ЧЕТВЕРГ, 29 ЯНВАРЯ
08:00 «31 ӘЗІЛ» ОЙЫН-САУЫҚ БАҒДАРЛАМАСЫ
09:00 САУМАЛ
09:20 «TIKTOK SHOW» ОЙЫН-САУЫҚ БАҒДАРЛАМАСЫ
09:50 МУЛЬТСЕРИАЛ «ГУБКА БОБ»
10:40 МУЛЬТСЕРИАЛ «ПИНГВИНЫ МАДАГАСКАРА»
11:30 МУЛЬТСЕРИАЛ «КУНГ-ФУ ПАНДА»
12:20 КИНО. СЭМ УОРТИНГТОН В ФАНТАСТИЧЕСКОМ БОЕВИКЕ «ТЕРМИНАТОР: ДА ПРИДЁТ СПАСИТЕЛЬ» (ПОВТОР)
14:30 КИНО. КИНО. «ТАКСИ 2» (ПОВТОР) 1:20
16:20 КИНО. «ТАКСИ 3»
18:10 КИНО. КИНО. «ТАКСИ 4»
20:00 ИНФОРМБЮРО (РУС/КАЗ)
21:00 КИНО. АДАМ СЭНДЛЕР В КОМЕДИЙНОМ БОЕВИКЕ «ПИКСЕЛИ»
23:00 КИНО. КЕЙТ БЕКИНСЕЙЛ В ФАНТАСТИЧЕСКОМ БОЕВИКЕ «ДРУГОЙ МИР: ВОЙНЫ КРОВИ»
00:50 «ҒАЖАЙЫПСЫҢ» ТЕЛЕХИКАЯСЫ. 16 БӨЛІМ
ПЯТНИЦА, 30 ЯНВАРЯ
07:00 ИНФОРМБЮРО (РУС/КАЗ)
08:00 «31 ӘЗІЛ» ОЙЫН-САУЫҚ БАҒДАРЛАМАСЫ
09:00 САУМАЛ
09:20 «TIKTOK SHOW» ОЙЫН-САУЫҚ БАҒДАРЛАМАСЫ
09:30 МУЛЬТСЕРИАЛ «ГУБКА БОБ»
10:00 МУЛЬТСЕРИАЛ «ПИНГВИНЫ МАДАГАСКАРА»
10:50 МУЛЬТСЕРИАЛ «КУНГ-ФУ ПАНДА»
11:40 КИНО. АДАМ СЭНДЛЕР В КОМЕДИЙНОМ БОЕВИКЕ «ПИКСЕЛИ» (ПОВТОР)
13:40 КИНО. ТОМ КРУЗ В БОЕВИКЕ «МИССИЯ НЕВЫПОЛНИМА 3» (ПОВТОР)
16:10 КИНО. КИНО. «ТАКСИ 4» (ПОВТОР)
18:00 КИНО. «ТАКСИ 5»
20:00 ИНФОРМБЮРО (РУС/КАЗ)
21:00 КИНО. «КРИМИНАЛЬНЫЙ ГОРОД: РАЗБОРКИ В ПУСАНЕ»
23:00 КИНО. «ОСТРОВ ФАНТАЗИЙ»
01:10 КИНО. ДАНИЯР АЛШИНОВ В ДРАМЕ «ШУЛАМА»
СУББОТА, 31 ЯНВАРЯ
07:00 «КҮЛІП ALL» ОЙЫН-САУЫҚ БАҒДАРЛАМАСЫ
07:30 «ТӘТТІ ШОУ» ОЙЫН-САУЫҚ БАҒДАРЛАМАСЫ
08:00 МУЛЬТСЕРИАЛ «ГУБКА БОБ»
09:10 МУЛЬТСЕРИАЛ «КУНГ-ФУ ПАНДА»
10:00 КУЛИНАРНАЯ ПРОГРАММА «ГОТОВИМ С АДЕЛЬ»
10:30 «ШЫМКЕНТ ШОУ»
11:00 САУМАЛ
11:30 «ШЫМКЕНТ ШОУ»
12:00 КИНО. «ТАНЦОР ДИСКО»
15:10 АНИМАЦИОННЫЙ ФИЛЬМ «ЛОВИ ВОЛНУ!»
16:50 АНИМАЦИОННЫЙ ФИЛЬМ «ВВЕРХ»
18:40 КИНО. «ПЕРСИ ДЖЕКСОН И МОРЕ ЧУДОВИЩ»
20:40 КИНО. «ЧЕЛОВЕК-МУРАВЕЙ И ОСА»
22:50 КИНО. «АНГЕЛЫ ЧАРЛИ»
ВОСКРЕСЕНЬЕ, 1 ФЕВРАЛЯ
07:00 «КҮЛІП ALL» ОЙЫН-САУЫҚ БАҒДАРЛАМАСЫ
07:30 «ТӘТТІ ШОУ» ОЙЫН-САУЫҚ БАҒДАРЛАМАСЫ
08:00 АНИМАЦИОННЫЙ ФИЛЬМ «ЛОВИ ВОЛНУ!»
09:30 КУЛИНАРНАЯ ПРОГРАММА «ГОТОВИМ С АДЕЛЬ»
10:00 ТЕЛЕВИКТОРИНА «TELEBINGO»
10:30 РЕАЛИТИ-ШОУ «NEW ME»
11:00 САУМАЛ
11:20 КИНО. «СТЮАРТ ЛИТТЛ 2»
13:00 АНИМАЦИОННЫЙ ФИЛЬМ «ВВЕРХ»
14:50 КИНО. ЛОГАН ЛЕРМАН В ФЭНТЕЗИ «ПЕРСИ ДЖЕКСОН И МОРЕ ЧУДОВИЩ» (ПОВТОР)
16:50 КИНО. «ЧЕЛОВЕК-МУРАВЕЙ И ОСА»
19:00 КИНО. КЛАЙВ ОУЭН В ФЭНТЕЗИЙНОМ БОЕВИКЕ «КОРОЛЬ АРТУР»
21:30 КИНО. ДЖЕЙМС ФРАНКО В ФАНТАСТИЧЕСКОМ БОЕВИКЕ «ВОССТАНИЕ ПЛАНЕТЫ ОБЕЗЬЯН»
23:30 КИНО. ПИТЕР УЭЛЛЕР В ФАНТАСТИЧЕСКОМ БОЕВИКЕ «РОБОКОП»
01:30 РЕАЛИТИ-ШОУ «NEW ME» (ПОВТОР)
01:50 «31 ӘЗІЛ» ОЙЫН-САУЫҚ БАҒДАРЛАМАСЫ
